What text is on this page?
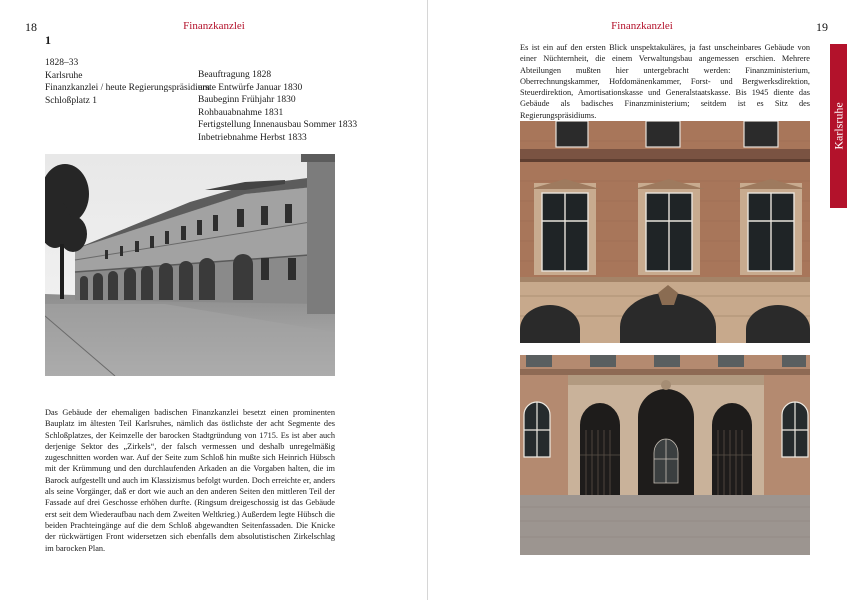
18	Finanzkanzlei
1
1828–33
Karlsruhe
Finanzkanzlei / heute Regierungspräsidium
Schloßplatz 1
Beauftragung 1828
erste Entwürfe Januar 1830
Baubeginn Frühjahr 1830
Rohbauabnahme 1831
Fertigstellung Innenausbau Sommer 1833
Inbetriebnahme Herbst 1833

Das Gebäude der ehemaligen badischen Finanzkanzlei besetzt einen prominenten Bauplatz im ältesten Teil Karlsruhes, nämlich das östlichste der acht Segmente des Schloßplatzes, der Keimzelle der barocken Stadtgründung von 1715. Es ist aber auch derjenige Sektor des „Zirkels“, der falsch vermessen und deshalb unregelmäßig zugeschnitten worden war. Auf der Seite zum Schloß hin mußte sich Heinrich Hübsch mit der Krümmung und den durchlaufenden Arkaden an die Vorgaben halten, die im Barock aufgestellt und auch im Klassizismus befolgt wurden. Doch erreichte er, anders als seine Vorgänger, daß er dort wie auch an den anderen Seiten den mittleren Teil der Fassade auf drei Geschosse erhöhen durfte. (Ringsum dreigeschossig ist das Gebäude erst seit dem Wiederaufbau nach dem Zweiten Weltkrieg.) Außerdem legte Hübsch die beiden Prachteingänge auf die dem Schloß abgewandten Seitenfassaden. Die Knicke der rückwärtigen Front widersetzen sich ebenfalls dem absolutistischen Zirkelschlag im barocken Plan.

Finanzkanzlei	19

Es ist ein auf den ersten Blick unspektakuläres, ja fast unscheinbares Gebäude von einer Nüchternheit, die einem Verwaltungsbau angemessen erschien. Mehrere Abteilungen mußten hier untergebracht werden: Finanzministerium, Oberrechnungskammer, Hofdomänenkammer, Forst- und Bergwerksdirektion, Steuerdirektion, Amortisationskasse und Generalstaatskasse. Bis 1945 diente das Gebäude als badisches Finanzministerium; seitdem ist es Sitz des Regierungspräsidiums.	Karlsruhe
